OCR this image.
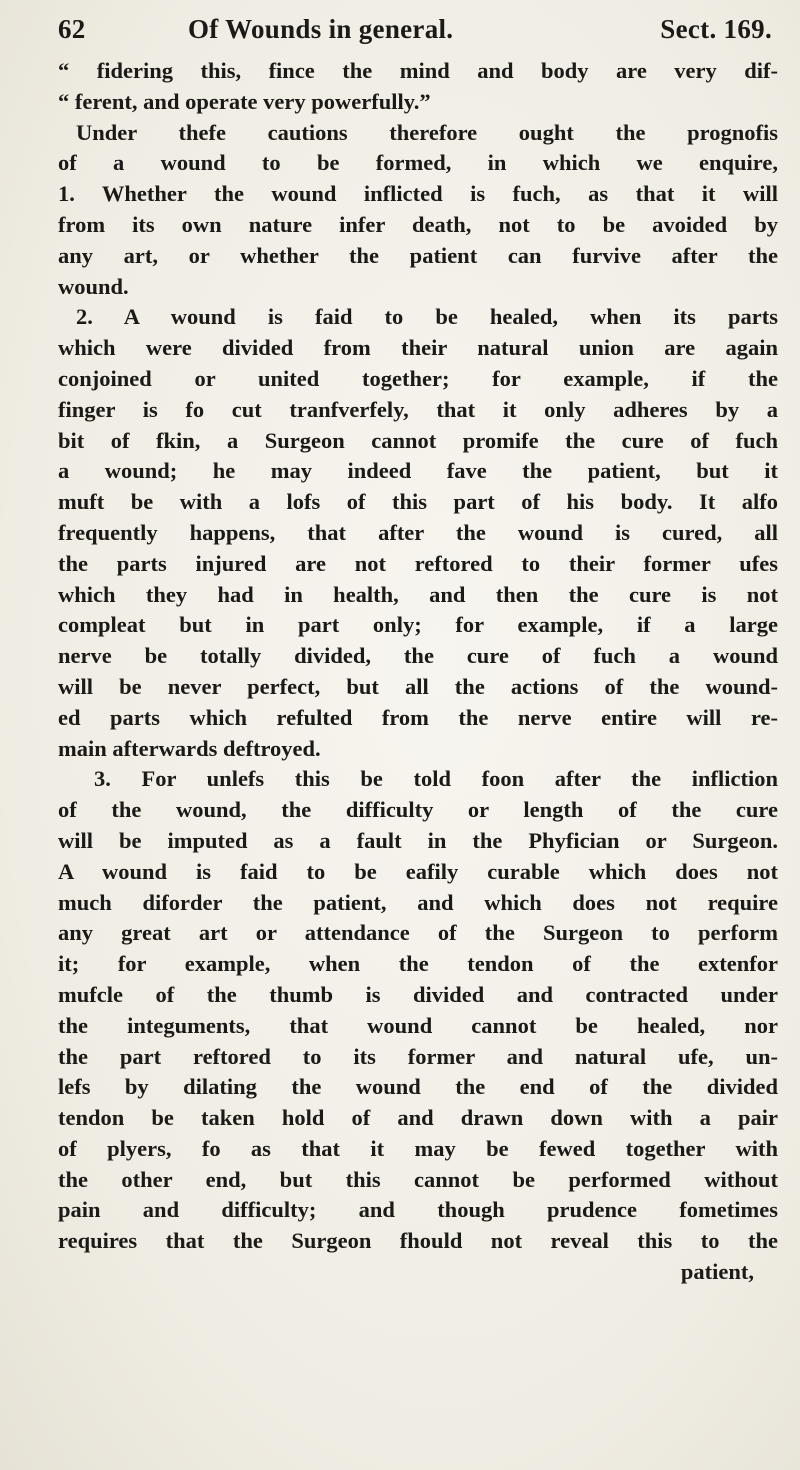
62	Of Wounds in general.	Sect. 169.
“ fidering this, fince the mind and body are very dif-
“ ferent, and operate very powerfully.”
Under thefe cautions therefore ought the prognofis
of a wound to be formed, in which we enquire,
1. Whether the wound inflicted is fuch, as that it will
from its own nature infer death, not to be avoided by
any art, or whether the patient can furvive after the
wound.
2. A wound is faid to be healed, when its parts
which were divided from their natural union are again
conjoined or united together; for example, if the
finger is fo cut tranfverfely, that it only adheres by a
bit of fkin, a Surgeon cannot promife the cure of fuch
a wound; he may indeed fave the patient, but it
muft be with a lofs of this part of his body. It alfo
frequently happens, that after the wound is cured, all
the parts injured are not reftored to their former ufes
which they had in health, and then the cure is not
compleat but in part only; for example, if a large
nerve be totally divided, the cure of fuch a wound
will be never perfect, but all the actions of the wound-
ed parts which refulted from the nerve entire will re-
main afterwards deftroyed.
3. For unlefs this be told foon after the infliction
of the wound, the difficulty or length of the cure
will be imputed as a fault in the Phyfician or Surgeon.
A wound is faid to be eafily curable which does not
much diforder the patient, and which does not require
any great art or attendance of the Surgeon to perform
it; for example, when the tendon of the extenfor
mufcle of the thumb is divided and contracted under
the integuments, that wound cannot be healed, nor
the part reftored to its former and natural ufe, un-
lefs by dilating the wound the end of the divided
tendon be taken hold of and drawn down with a pair
of plyers, fo as that it may be fewed together with
the other end, but this cannot be performed without
pain and difficulty; and though prudence fometimes
requires that the Surgeon fhould not reveal this to the
patient,
